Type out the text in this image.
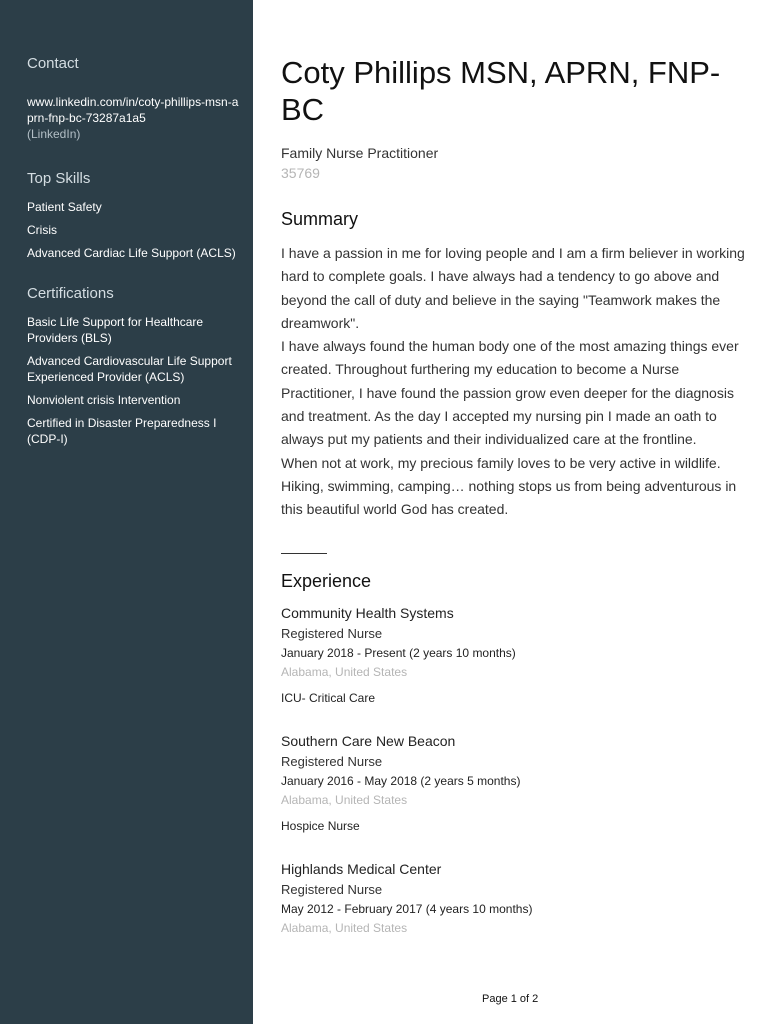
Contact

www.linkedin.com/in/coty-phillips-msn-aprn-fnp-bc-73287a1a5

(LinkedIn)

Top Skills
Patient Safety
Crisis
Advanced Cardiac Life Support (ACLS)
Certifications
Basic Life Support for Healthcare Providers (BLS)
Advanced Cardiovascular Life Support Experienced Provider (ACLS)
Nonviolent crisis Intervention
Certified in Disaster Preparedness I (CDP-I)
Coty Phillips MSN, APRN, FNP-BC

Family Nurse Practitioner

35769

Summary

I have a passion in me for loving people and I am a firm believer in working hard to complete goals. I have always had a tendency to go above and beyond the call of duty and believe in the saying "Teamwork makes the dreamwork".

I have always found the human body one of the most amazing things ever created. Throughout furthering my education to become a Nurse Practitioner, I have found the passion grow even deeper for the diagnosis and treatment. As the day I accepted my nursing pin I made an oath to always put my patients and their individualized care at the frontline.

When not at work, my precious family loves to be very active in wildlife. Hiking, swimming, camping… nothing stops us from being adventurous in this beautiful world God has created.

Experience

Community Health Systems

Registered Nurse

January 2018 - Present (2 years 10 months)

Alabama, United States

ICU- Critical Care

Southern Care New Beacon

Registered Nurse

January 2016 - May 2018 (2 years 5 months)

Alabama, United States

Hospice Nurse

Highlands Medical Center

Registered Nurse

May 2012 - February 2017 (4 years 10 months)

Alabama, United States

Page 1 of 2
